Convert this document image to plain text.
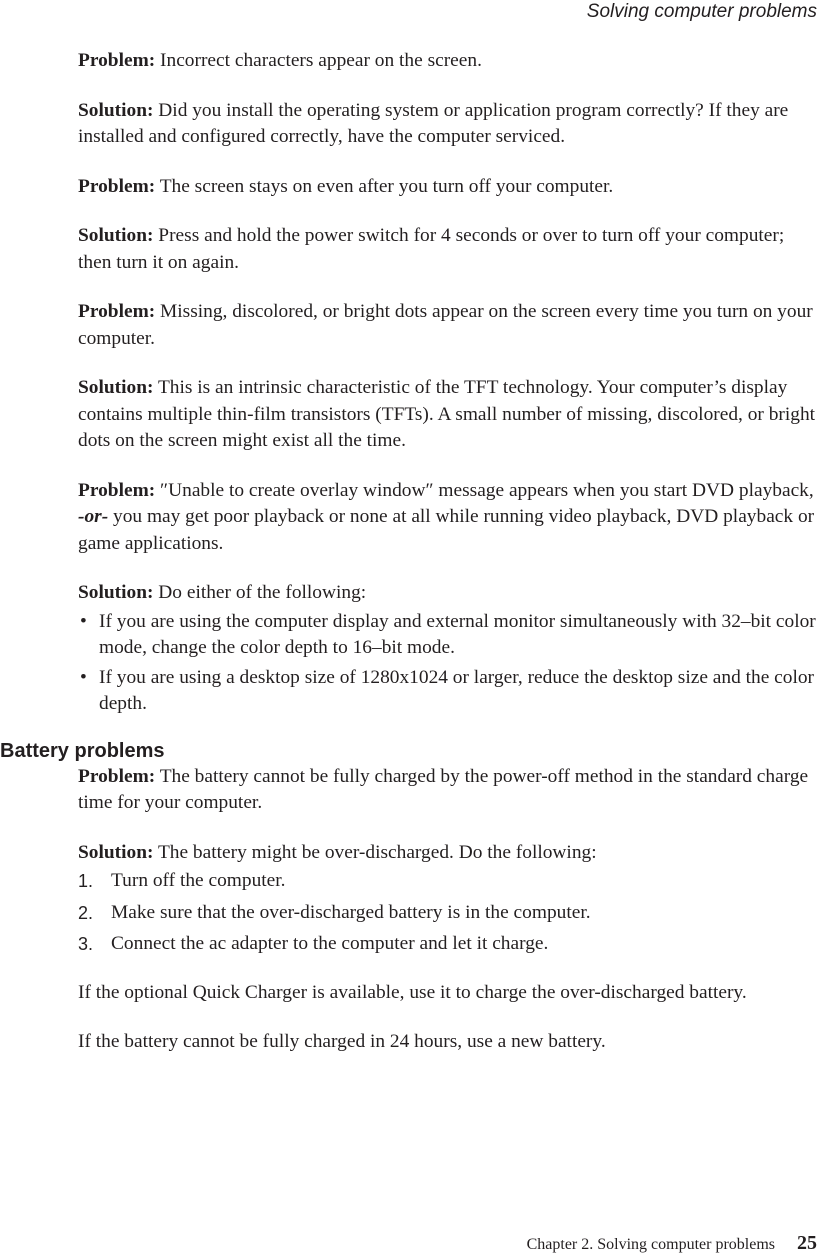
Solving computer problems

Problem: Incorrect characters appear on the screen.

Solution: Did you install the operating system or application program correctly? If they are installed and configured correctly, have the computer serviced.

Problem: The screen stays on even after you turn off your computer.

Solution: Press and hold the power switch for 4 seconds or over to turn off your computer; then turn it on again.

Problem: Missing, discolored, or bright dots appear on the screen every time you turn on your computer.

Solution: This is an intrinsic characteristic of the TFT technology. Your computer’s display contains multiple thin-film transistors (TFTs). A small number of missing, discolored, or bright dots on the screen might exist all the time.

Problem: ″Unable to create overlay window″ message appears when you start DVD playback, -or- you may get poor playback or none at all while running video playback, DVD playback or game applications.

Solution: Do either of the following:

• If you are using the computer display and external monitor simultaneously with 32–bit color mode, change the color depth to 16–bit mode.
• If you are using a desktop size of 1280x1024 or larger, reduce the desktop size and the color depth.
Battery problems

Problem: The battery cannot be fully charged by the power-off method in the standard charge time for your computer.

Solution: The battery might be over-discharged. Do the following:

1. Turn off the computer.
2. Make sure that the over-discharged battery is in the computer.
3. Connect the ac adapter to the computer and let it charge.

If the optional Quick Charger is available, use it to charge the over-discharged battery.

If the battery cannot be fully charged in 24 hours, use a new battery.

Chapter 2. Solving computer problems 25
